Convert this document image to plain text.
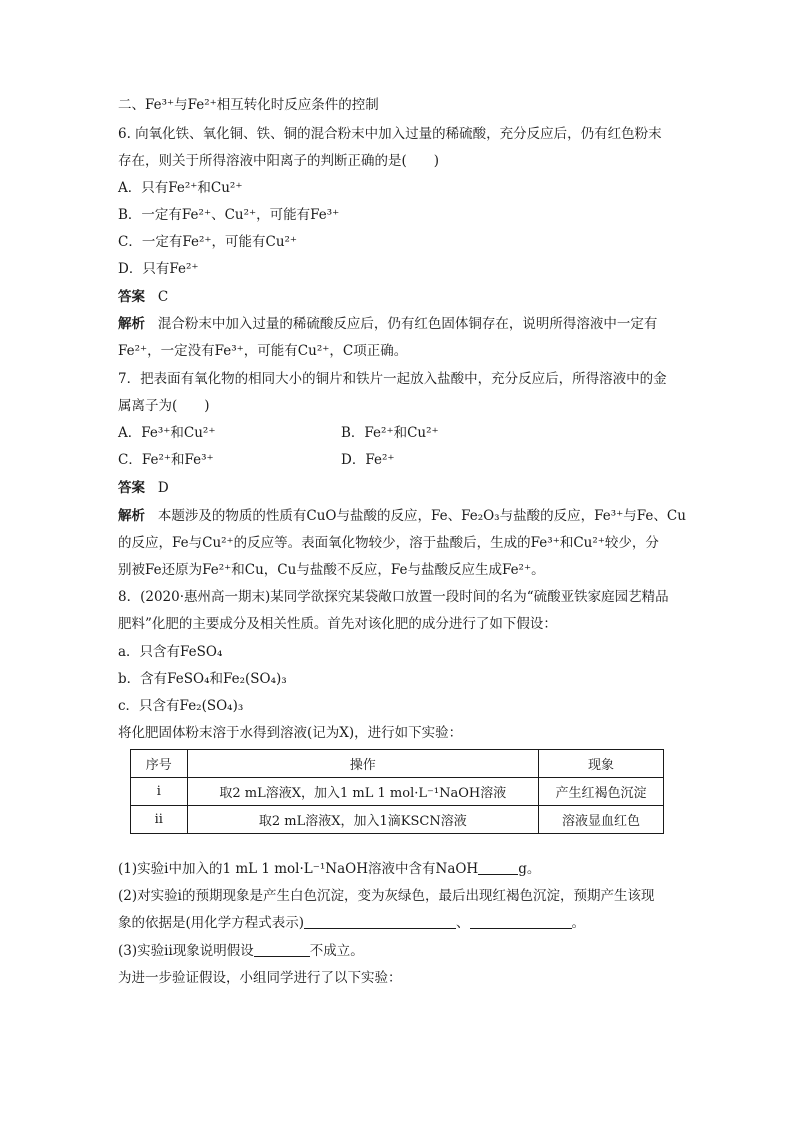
二、Fe³⁺与Fe²⁺相互转化时反应条件的控制
6. 向氧化铁、氧化铜、铁、铜的混合粉末中加入过量的稀硫酸，充分反应后，仍有红色粉末
存在，则关于所得溶液中阳离子的判断正确的是(　　)
A．只有Fe²⁺和Cu²⁺
B．一定有Fe²⁺、Cu²⁺，可能有Fe³⁺
C．一定有Fe²⁺，可能有Cu²⁺
D．只有Fe²⁺
答案 C
解析 混合粉末中加入过量的稀硫酸反应后，仍有红色固体铜存在，说明所得溶液中一定有
Fe²⁺，一定没有Fe³⁺，可能有Cu²⁺，C项正确。
7．把表面有氧化物的相同大小的铜片和铁片一起放入盐酸中，充分反应后，所得溶液中的金
属离子为(　　)
A．Fe³⁺和Cu²⁺	B．Fe²⁺和Cu²⁺
C．Fe²⁺和Fe³⁺	D．Fe²⁺
答案 D
解析 本题涉及的物质的性质有CuO与盐酸的反应，Fe、Fe₂O₃与盐酸的反应，Fe³⁺与Fe、Cu
的反应，Fe与Cu²⁺的反应等。表面氧化物较少，溶于盐酸后，生成的Fe³⁺和Cu²⁺较少，分
别被Fe还原为Fe²⁺和Cu，Cu与盐酸不反应，Fe与盐酸反应生成Fe²⁺。
8．(2020·惠州高一期末)某同学欲探究某袋敞口放置一段时间的名为“硫酸亚铁家庭园艺精品
肥料”化肥的主要成分及相关性质。首先对该化肥的成分进行了如下假设：
a．只含有FeSO₄
b．含有FeSO₄和Fe₂(SO₄)₃
c．只含有Fe₂(SO₄)₃
将化肥固体粉末溶于水得到溶液(记为X)，进行如下实验：
序号	操作	现象
i	取2 mL溶液X，加入1 mL 1 mol·L⁻¹NaOH溶液	产生红褐色沉淀
ii	取2 mL溶液X，加入1滴KSCN溶液	溶液显血红色
(1)实验ⅰ中加入的1 mL 1 mol·L⁻¹NaOH溶液中含有NaOH	g。
(2)对实验ⅰ的预期现象是产生白色沉淀，变为灰绿色，最后出现红褐色沉淀，预期产生该现
象的依据是(用化学方程式表示)	、	。
(3)实验ⅱ现象说明假设	不成立。
为进一步验证假设，小组同学进行了以下实验：
